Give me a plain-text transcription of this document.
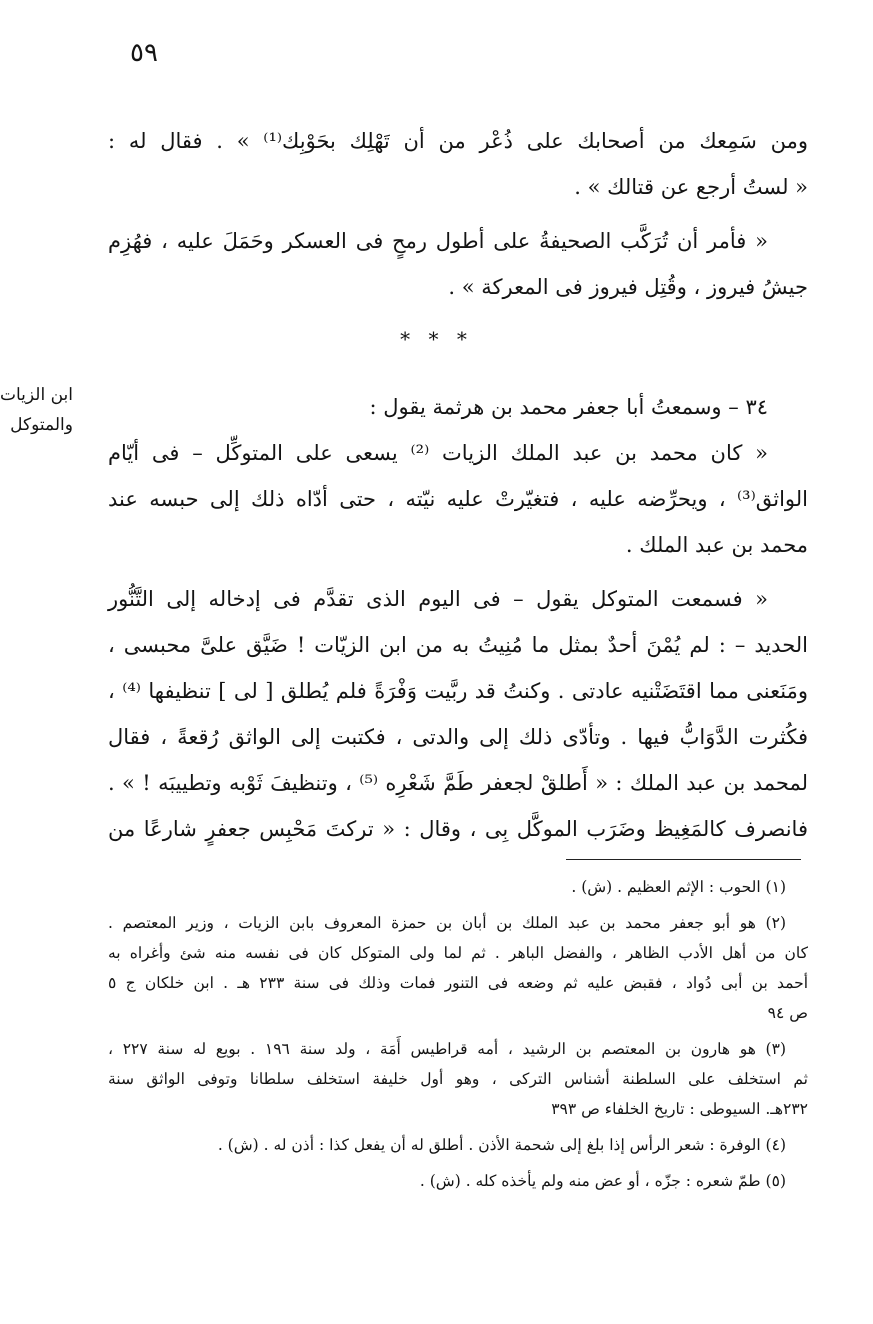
٥٩
ابن الزيات
والمتوكل
ومن سَمِعك من أصحابك على ذُعْر من أن تَهْلِك بحَوْبِك⁽¹⁾ » . فقال له :
« لستُ أرجع عن قتالك » .
« فأمر أن تُرَكَّب الصحيفةُ على أطول رمحٍ فى العسكر وحَمَلَ عليه ، فهُزِم
جيشُ فيروز ، وقُتِل فيروز فى المعركة » .
* * *
٣٤ – وسمعتُ أبا جعفر محمد بن هرثمة يقول :
« كان محمد بن عبد الملك الزيات ⁽²⁾ يسعى على المتوكِّل – فى أيّام
الواثق⁽³⁾ ، ويحرِّضه عليه ، فتغيّرتْ عليه نيّته ، حتى أدّاه ذلك إلى حبسه عند
محمد بن عبد الملك .
« فسمعت المتوكل يقول – فى اليوم الذى تقدَّم فى إدخاله إلى التَّنُّور
الحديد – : لم يُمْنَ أحدٌ بمثل ما مُنِيتُ به من ابن الزيّات ! ضَيَّق علىَّ محبسى ،
ومَنَعنى مما اقتَضَتْنيه عادتى . وكنتُ قد ربَّيت وَفْرَةً فلم يُطلق [ لى ] تنظيفها ⁽⁴⁾ ،
فكُثرت الدَّوَابُّ فيها . وتأدّى ذلك إلى والدتى ، فكتبت إلى الواثق رُقعةً ، فقال
لمحمد بن عبد الملك : « أَطلقْ لجعفر طَمَّ شَعْرِه ⁽⁵⁾ ، وتنظيفَ ثَوْبه وتطييبَه ! » .
فانصرف كالمَغِيظ وضَرَب الموكَّل بِى ، وقال : « تركتَ مَحْبِس جعفرٍ شارعًا من
(١) الحوب : الإثم العظيم . (ش) .
(٢) هو أبو جعفر محمد بن عبد الملك بن أبان بن حمزة المعروف بابن الزيات ، وزير المعتصم .
كان من أهل الأدب الظاهر ، والفضل الباهر . ثم لما ولى المتوكل كان فى نفسه منه شئ وأغراه به
أحمد بن أبى دُواد ، فقبض عليه ثم وضعه فى التنور فمات وذلك فى سنة ٢٣٣ هـ . ابن خلكان ج ٥
ص ٩٤
(٣) هو هارون بن المعتصم بن الرشيد ، أمه قراطيس أَمَة ، ولد سنة ١٩٦ . بويع له سنة ٢٢٧ ،
ثم استخلف على السلطنة أشناس التركى ، وهو أول خليفة استخلف سلطانا وتوفى الواثق سنة
٢٣٢هـ. السيوطى : تاريخ الخلفاء ص ٣٩٣
(٤) الوفرة : شعر الرأس إذا بلغ إلى شحمة الأذن . أطلق له أن يفعل كذا : أذن له . (ش) .
(٥) طمّ شعره : جزّه ، أو عض منه ولم يأخذه كله . (ش) .
